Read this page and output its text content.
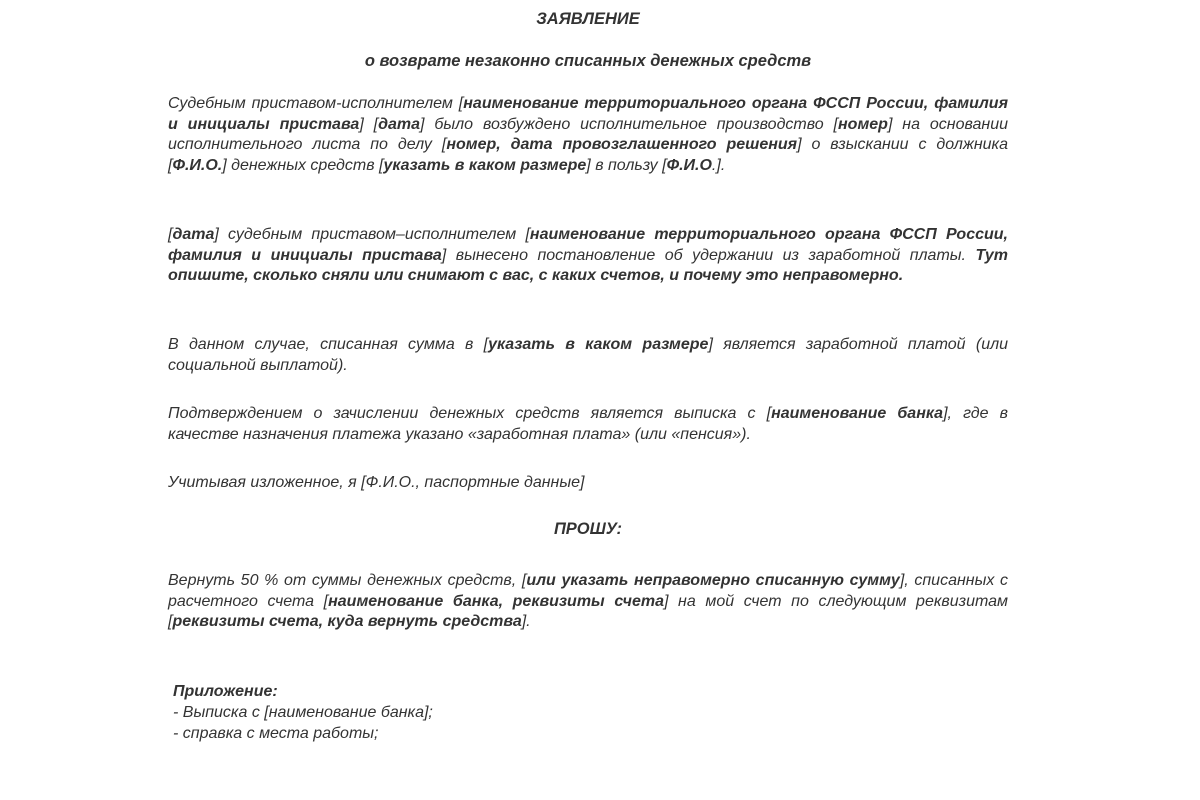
ЗАЯВЛЕНИЕ

о возврате незаконно списанных денежных средств

Судебным приставом-исполнителем [наименование территориального органа ФССП России, фамилия и инициалы пристава] [дата] было возбуждено исполнительное производство [номер] на основании исполнительного листа по делу [номер, дата провозглашенного решения] о взыскании с должника [Ф.И.О.] денежных средств [указать в каком размере] в пользу [Ф.И.О.].

[дата] судебным приставом–исполнителем [наименование территориального органа ФССП России, фамилия и инициалы пристава] вынесено постановление об удержании из заработной платы. Тут опишите, сколько сняли или снимают с вас, с каких счетов, и почему это неправомерно.

В данном случае, списанная сумма в [указать в каком размере] является заработной платой (или социальной выплатой).

Подтверждением о зачислении денежных средств является выписка с [наименование банка], где в качестве назначения платежа указано «заработная плата» (или «пенсия»).

Учитывая изложенное, я [Ф.И.О., паспортные данные]

ПРОШУ:

Вернуть 50 % от суммы денежных средств, [или указать неправомерно списанную сумму], списанных с расчетного счета [наименование банка, реквизиты счета] на мой счет по следующим реквизитам [реквизиты счета, куда вернуть средства].

Приложение:
- Выписка с [наименование банка];
- справка с места работы;
